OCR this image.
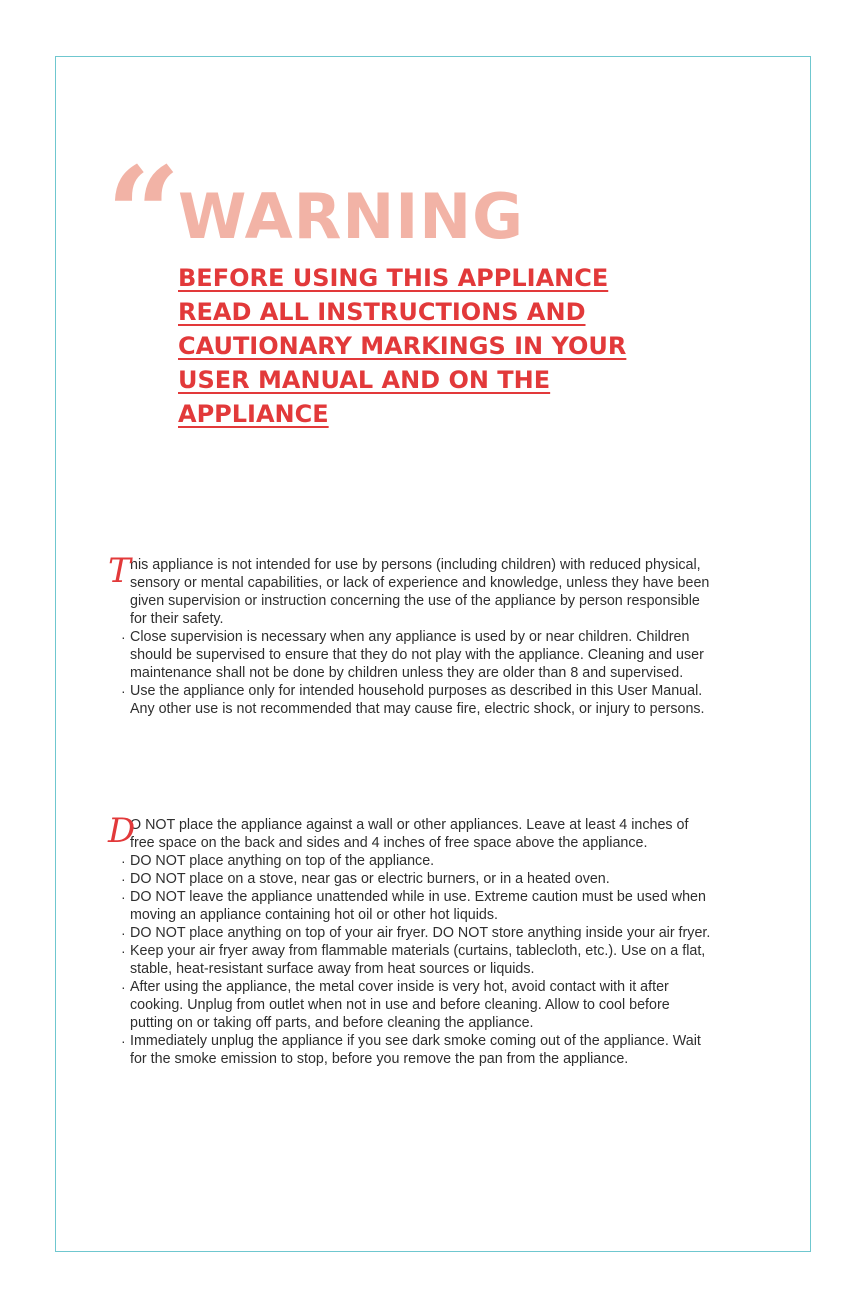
“
WARNING
BEFORE USING THIS APPLIANCE
READ ALL INSTRUCTIONS AND
CAUTIONARY MARKINGS IN YOUR
USER MANUAL AND ON THE
APPLIANCE
T his appliance is not intended for use by persons (including children) with reduced physical,
sensory or mental capabilities, or lack of experience and knowledge, unless they have been
given supervision or instruction concerning the use of the appliance by person responsible
for their safety.
· Close supervision is necessary when any appliance is used by or near children. Children
should be supervised to ensure that they do not play with the appliance. Cleaning and user
maintenance shall not be done by children unless they are older than 8 and supervised.
· Use the appliance only for intended household purposes as described in this User Manual.
Any other use is not recommended that may cause fire, electric shock, or injury to persons.
D
O NOT place the appliance against a wall or other appliances. Leave at least 4 inches of
free space on the back and sides and 4 inches of free space above the appliance.
· DO NOT place anything on top of the appliance.
· DO NOT place on a stove, near gas or electric burners, or in a heated oven.
· DO NOT leave the appliance unattended while in use. Extreme caution must be used when
moving an appliance containing hot oil or other hot liquids.
· DO NOT place anything on top of your air fryer. DO NOT store anything inside your air fryer.
· Keep your air fryer away from flammable materials (curtains, tablecloth, etc.). Use on a flat,
stable, heat-resistant surface away from heat sources or liquids.
· After using the appliance, the metal cover inside is very hot, avoid contact with it after
cooking. Unplug from outlet when not in use and before cleaning. Allow to cool before
putting on or taking off parts, and before cleaning the appliance.
· Immediately unplug the appliance if you see dark smoke coming out of the appliance. Wait
for the smoke emission to stop, before you remove the pan from the appliance.
